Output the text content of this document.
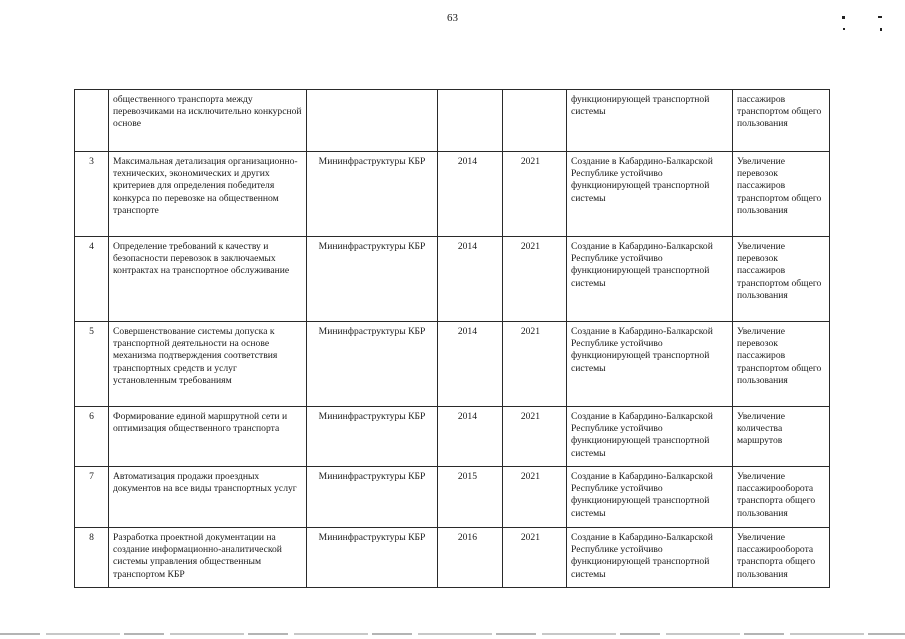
63
	общественного транспорта между перевозчиками на исключительно конкурсной основе				функционирующей транспортной системы	пассажиров транспортом общего пользования
3	Максимальная детализация организационно-технических, экономических и других критериев для определения победителя конкурса по перевозке на общественном транспорте	Мининфраструктуры КБР	2014	2021	Создание в Кабардино-Балкарской Республике устойчиво функционирующей транспортной системы	Увеличение перевозок пассажиров транспортом общего пользования
4	Определение требований к качеству и безопасности перевозок в заключаемых контрактах на транспортное обслуживание	Мининфраструктуры КБР	2014	2021	Создание в Кабардино-Балкарской Республике устойчиво функционирующей транспортной системы	Увеличение перевозок пассажиров транспортом общего пользования
5	Совершенствование системы допуска к транспортной деятельности на основе механизма подтверждения соответствия транспортных средств и услуг установленным требованиям	Мининфраструктуры КБР	2014	2021	Создание в Кабардино-Балкарской Республике устойчиво функционирующей транспортной системы	Увеличение перевозок пассажиров транспортом общего пользования
6	Формирование единой маршрутной сети и оптимизация общественного транспорта	Мининфраструктуры КБР	2014	2021	Создание в Кабардино-Балкарской Республике устойчиво функционирующей транспортной системы	Увеличение количества маршрутов
7	Автоматизация продажи проездных документов на все виды транспортных услуг	Мининфраструктуры КБР	2015	2021	Создание в Кабардино-Балкарской Республике устойчиво функционирующей транспортной системы	Увеличение пассажирооборота транспорта общего пользования
8	Разработка проектной документации на создание информационно-аналитической системы управления общественным транспортом КБР	Мининфраструктуры КБР	2016	2021	Создание в Кабардино-Балкарской Республике устойчиво функционирующей транспортной системы	Увеличение пассажирооборота транспорта общего пользования
